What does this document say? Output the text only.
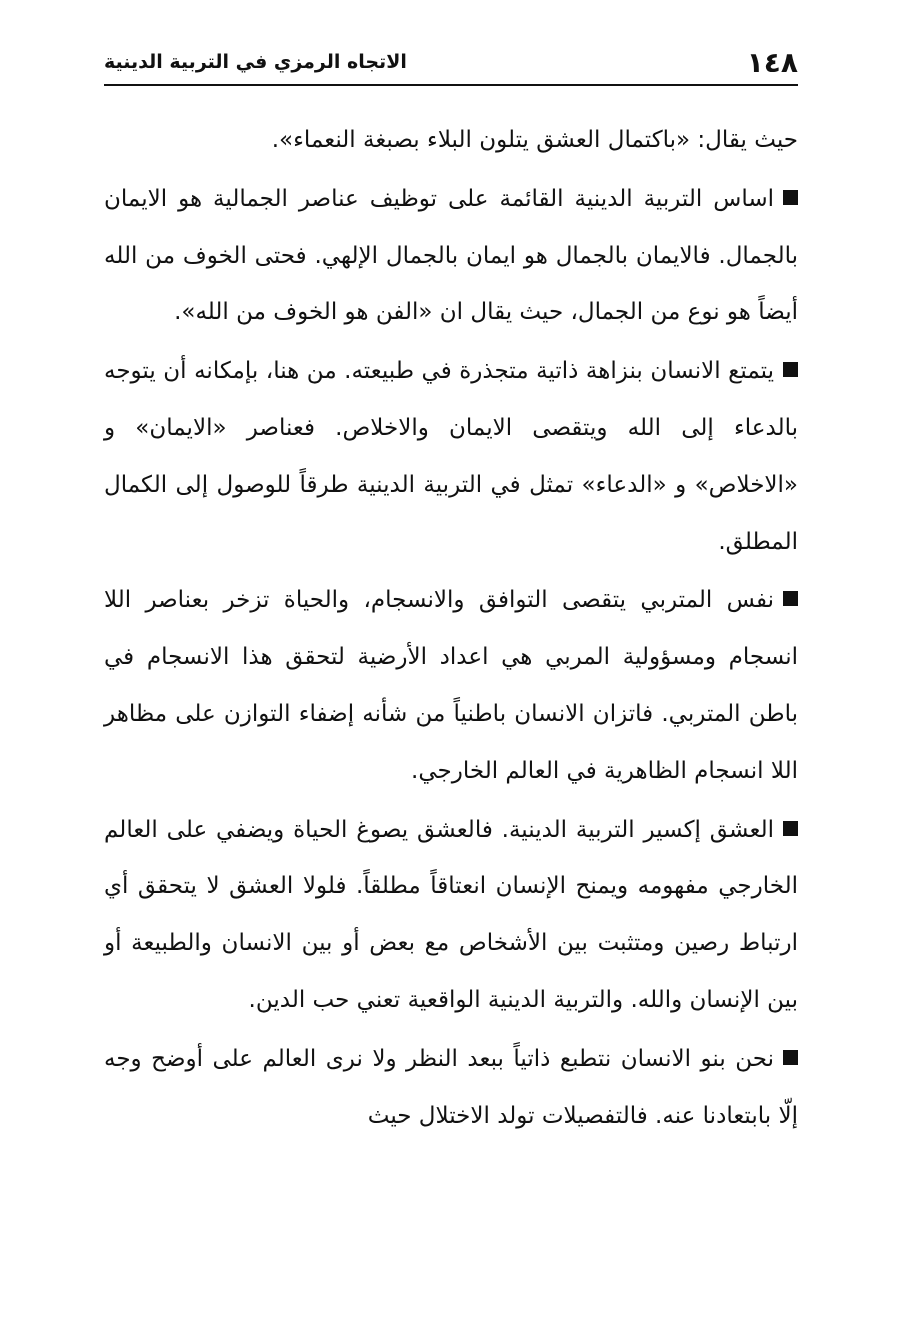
١٤٨
الاتجاه الرمزي في التربية الدينية

حيث يقال: «باكتمال العشق يتلون البلاء بصبغة النعماء».

اساس التربية الدينية القائمة على توظيف عناصر الجمالية هو الايمان بالجمال. فالايمان بالجمال هو ايمان بالجمال الإلهي. فحتى الخوف من الله أيضاً هو نوع من الجمال، حيث يقال ان «الفن هو الخوف من الله».

يتمتع الانسان بنزاهة ذاتية متجذرة في طبيعته. من هنا، بإمكانه أن يتوجه بالدعاء إلى الله ويتقصى الايمان والاخلاص. فعناصر «الايمان» و «الاخلاص» و «الدعاء» تمثل في التربية الدينية طرقاً للوصول إلى الكمال المطلق.

نفس المتربي يتقصى التوافق والانسجام، والحياة تزخر بعناصر اللا انسجام ومسؤولية المربي هي اعداد الأرضية لتحقق هذا الانسجام في باطن المتربي. فاتزان الانسان باطنياً من شأنه إضفاء التوازن على مظاهر اللا انسجام الظاهرية في العالم الخارجي.

العشق إكسير التربية الدينية. فالعشق يصوغ الحياة ويضفي على العالم الخارجي مفهومه ويمنح الإنسان انعتاقاً مطلقاً. فلولا العشق لا يتحقق أي ارتباط رصين ومتثبت بين الأشخاص مع بعض أو بين الانسان والطبيعة أو بين الإنسان والله. والتربية الدينية الواقعية تعني حب الدين.

نحن بنو الانسان نتطبع ذاتياً ببعد النظر ولا نرى العالم على أوضح وجه إلّا بابتعادنا عنه. فالتفصيلات تولد الاختلال حيث
